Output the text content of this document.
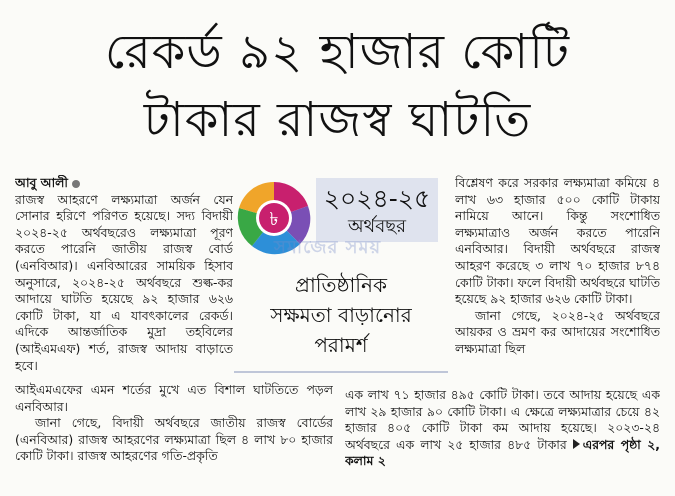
রেকর্ড ৯২ হাজার কোটি
টাকার রাজস্ব ঘাটতি

আবু আলী

রাজস্ব আহরণে লক্ষ্যমাত্রা অর্জন যেন সোনার হরিণে পরিণত হয়েছে। সদ্য বিদায়ী ২০২৪-২৫ অর্থবছরেও লক্ষ্যমাত্রা পূরণ করতে পারেনি জাতীয় রাজস্ব বোর্ড (এনবিআর)। এনবিআরের সাময়িক হিসাব অনুসারে, ২০২৪-২৫ অর্থবছরে শুল্ক-কর আদায়ে ঘাটতি হয়েছে ৯২ হাজার ৬২৬ কোটি টাকা, যা এ যাবৎকালের রেকর্ড। এদিকে আন্তর্জাতিক মুদ্রা তহবিলের (আইএমএফ) শর্ত, রাজস্ব আদায় বাড়াতে হবে।

আইএমএফের এমন শর্তের মুখে এত বিশাল ঘাটতিতে পড়ল এনবিআর।

জানা গেছে, বিদায়ী অর্থবছরে জাতীয় রাজস্ব বোর্ডের (এনবিআর) রাজস্ব আহরণের লক্ষ্যমাত্রা ছিল ৪ লাখ ৮০ হাজার কোটি টাকা। রাজস্ব আহরণের গতি-প্রকৃতি

৳
২০২৪-২৫
অর্থবছর
সমাজের সময়
প্রাতিষ্ঠানিক
সক্ষমতা বাড়ানোর
পরামর্শ

বিশ্লেষণ করে সরকার লক্ষ্যমাত্রা কমিয়ে ৪ লাখ ৬৩ হাজার ৫০০ কোটি টাকায় নামিয়ে আনে। কিন্তু সংশোধিত লক্ষ্যমাত্রাও অর্জন করতে পারেনি এনবিআর। বিদায়ী অর্থবছরে রাজস্ব আহরণ করেছে ৩ লাখ ৭০ হাজার ৮৭৪ কোটি টাকা। ফলে বিদায়ী অর্থবছরে ঘাটতি হয়েছে ৯২ হাজার ৬২৬ কোটি টাকা।

জানা গেছে, ২০২৪-২৫ অর্থবছরে আয়কর ও ভ্রমণ কর আদায়ের সংশোধিত লক্ষ্যমাত্রা ছিল

এক লাখ ৭১ হাজার ৪৯৫ কোটি টাকা। তবে আদায় হয়েছে এক লাখ ২৯ হাজার ৯০ কোটি টাকা। এ ক্ষেত্রে লক্ষ্যমাত্রার চেয়ে ৪২ হাজার ৪০৫ কোটি টাকা কম আদায় হয়েছে। ২০২৩-২৪ অর্থবছরে এক লাখ ২৫ হাজার ৪৮৫ টাকার এরপর পৃষ্ঠা ২, কলাম ২
